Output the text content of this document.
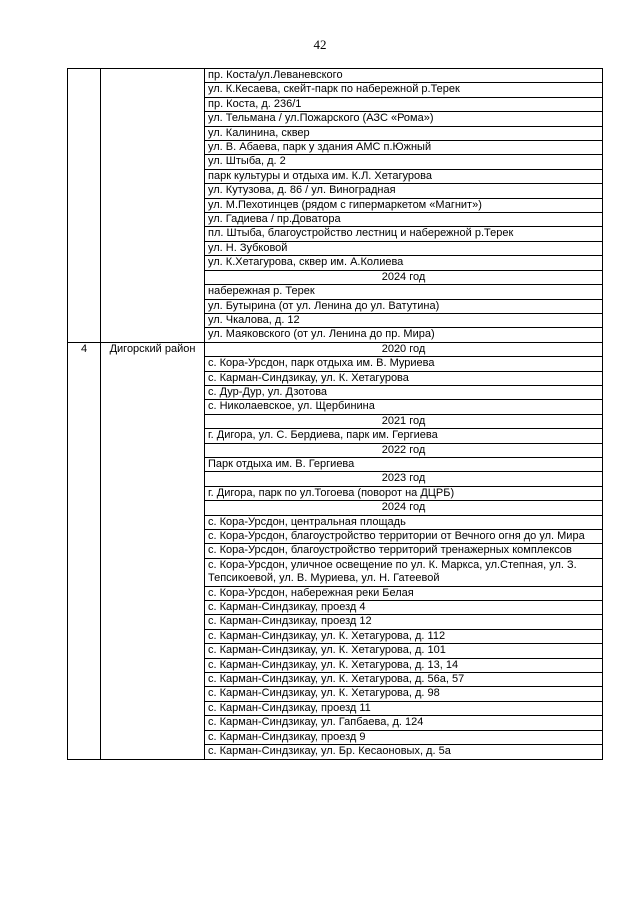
42
		пр. Коста/ул.Леваневского
		ул. К.Кесаева, скейт-парк по набережной р.Терек
		пр. Коста, д. 236/1
		ул. Тельмана / ул.Пожарского (АЗС «Рома»)
		ул. Калинина, сквер
		ул. В. Абаева, парк у здания АМС п.Южный
		ул. Штыба, д. 2
		парк культуры и отдыха им. К.Л. Хетагурова
		ул. Кутузова, д. 86 / ул. Виноградная
		ул. М.Пехотинцев (рядом с гипермаркетом «Магнит»)
		ул. Гадиева / пр.Доватора
		пл. Штыба, благоустройство лестниц и набережной р.Терек
		ул. Н. Зубковой
		ул. К.Хетагурова, сквер им. А.Колиева
		2024 год
		набережная р. Терек
		ул. Бутырина (от ул. Ленина до ул. Ватутина)
		ул. Чкалова, д. 12
		ул. Маяковского (от ул. Ленина до пр. Мира)
4	Дигорский район	2020 год
		с. Кора-Урсдон, парк отдыха им. В. Муриева
		с. Карман-Синдзикау, ул. К. Хетагурова
		с. Дур-Дур, ул. Дзотова
		с. Николаевское, ул. Щербинина
		2021 год
		г. Дигора, ул. С. Бердиева, парк им. Гергиева
		2022 год
		Парк отдыха им. В. Гергиева
		2023 год
		г. Дигора, парк по ул.Тогоева (поворот на ДЦРБ)
		2024 год
		с. Кора-Урсдон, центральная площадь
		с. Кора-Урсдон, благоустройство территории от Вечного огня до ул. Мира
		с. Кора-Урсдон, благоустройство территорий тренажерных комплексов
		с. Кора-Урсдон, уличное освещение по ул. К. Маркса, ул.Степная, ул. З. Тепсикоевой, ул. В. Муриева, ул. Н. Гатеевой
		с. Кора-Урсдон, набережная реки Белая
		с. Карман-Синдзикау, проезд 4
		с. Карман-Синдзикау, проезд 12
		с. Карман-Синдзикау, ул. К. Хетагурова, д. 112
		с. Карман-Синдзикау, ул. К. Хетагурова, д. 101
		с. Карман-Синдзикау, ул. К. Хетагурова, д. 13, 14
		с. Карман-Синдзикау, ул. К. Хетагурова, д. 56а, 57
		с. Карман-Синдзикау, ул. К. Хетагурова, д. 98
		с. Карман-Синдзикау, проезд 11
		с. Карман-Синдзикау, ул. Гапбаева, д. 124
		с. Карман-Синдзикау, проезд 9
		с. Карман-Синдзикау, ул. Бр. Кесаоновых, д. 5а
